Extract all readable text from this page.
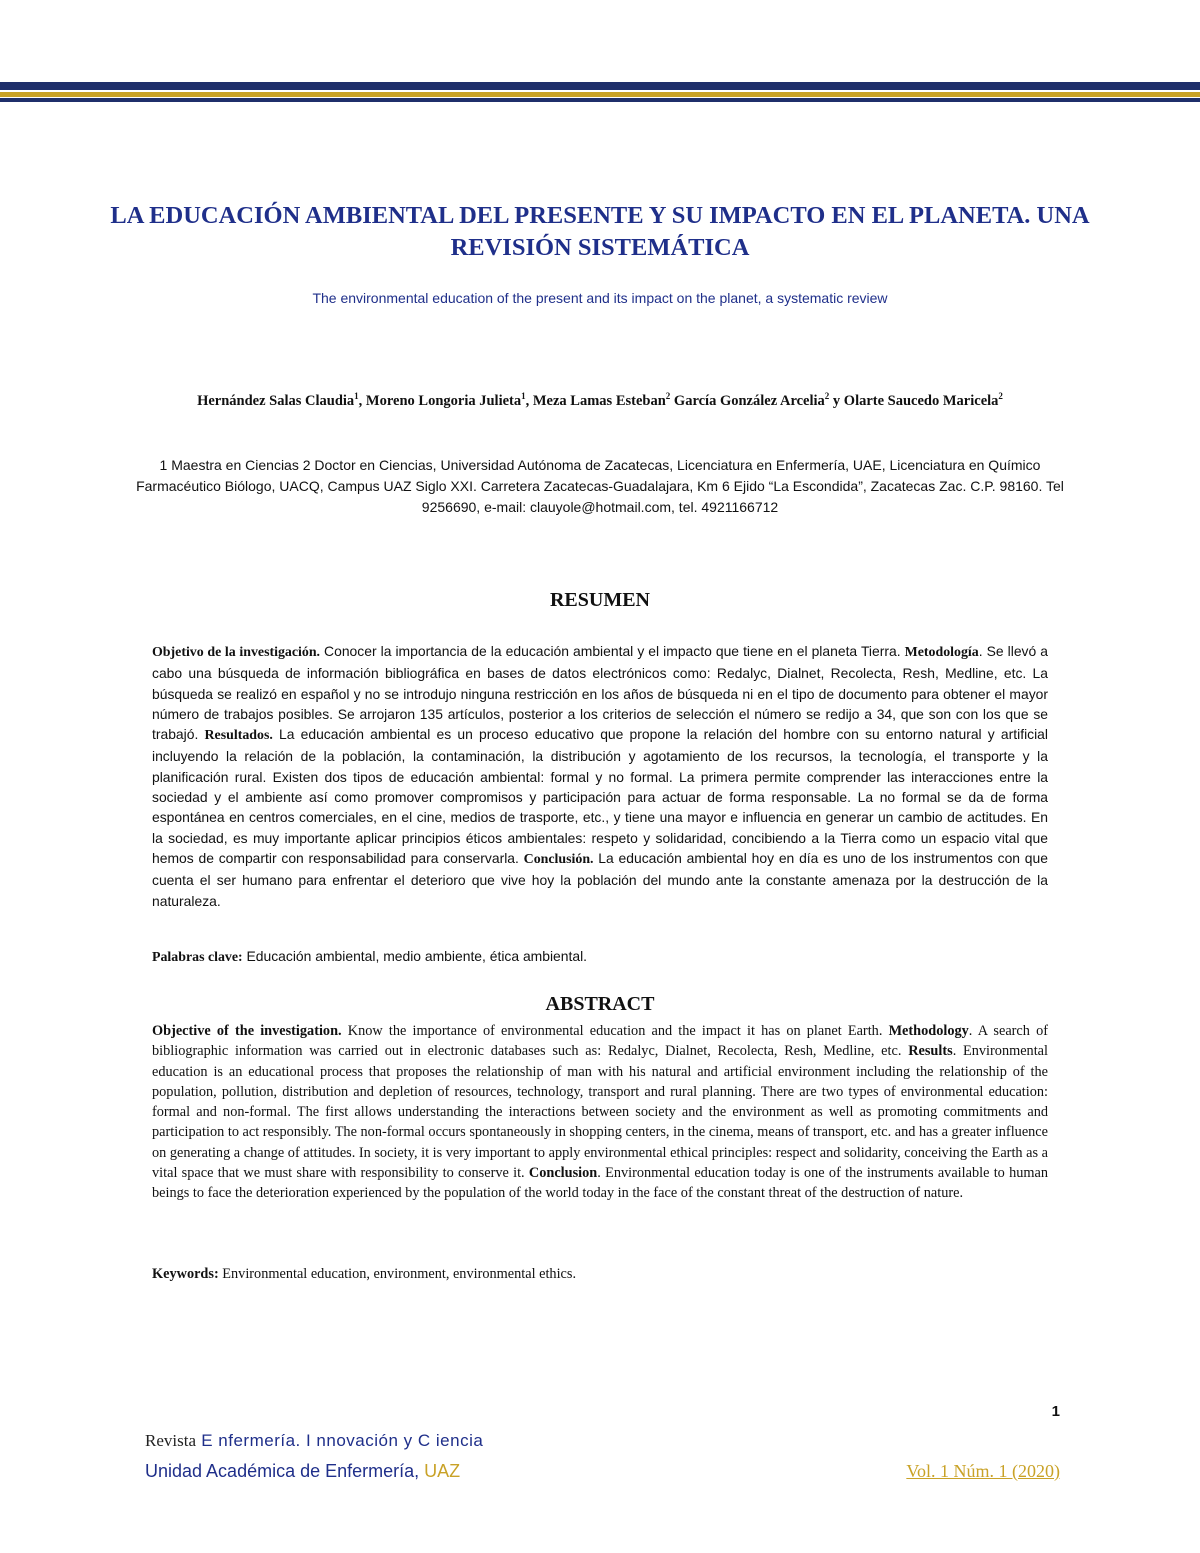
LA EDUCACIÓN AMBIENTAL DEL PRESENTE Y SU IMPACTO EN EL PLANETA. UNA REVISIÓN SISTEMÁTICA

The environmental education of the present and its impact on the planet, a systematic review

Hernández Salas Claudia$^1$, Moreno Longoria Julieta$^1$, Meza Lamas Esteban$^2$ García González Arcelia$^2$ y Olarte Saucedo Maricela$^2$

1 Maestra en Ciencias 2 Doctor en Ciencias, Universidad Autónoma de Zacatecas, Licenciatura en Enfermería, UAE, Licenciatura en Químico Farmacéutico Biólogo, UACQ, Campus UAZ Siglo XXI. Carretera Zacatecas-Guadalajara, Km 6 Ejido “La Escondida”, Zacatecas Zac. C.P. 98160. Tel 9256690, e-mail: clauyole@hotmail.com, tel. 4921166712

RESUMEN

Objetivo de la investigación. Conocer la importancia de la educación ambiental y el impacto que tiene en el planeta Tierra. Metodología. Se llevó a cabo una búsqueda de información bibliográfica en bases de datos electrónicos como: Redalyc, Dialnet, Recolecta, Resh, Medline, etc. La búsqueda se realizó en español y no se introdujo ninguna restricción en los años de búsqueda ni en el tipo de documento para obtener el mayor número de trabajos posibles. Se arrojaron 135 artículos, posterior a los criterios de selección el número se redijo a 34, que son con los que se trabajó. Resultados. La educación ambiental es un proceso educativo que propone la relación del hombre con su entorno natural y artificial incluyendo la relación de la población, la contaminación, la distribución y agotamiento de los recursos, la tecnología, el transporte y la planificación rural. Existen dos tipos de educación ambiental: formal y no formal. La primera permite comprender las interacciones entre la sociedad y el ambiente así como promover compromisos y participación para actuar de forma responsable. La no formal se da de forma espontánea en centros comerciales, en el cine, medios de trasporte, etc., y tiene una mayor e influencia en generar un cambio de actitudes. En la sociedad, es muy importante aplicar principios éticos ambientales: respeto y solidaridad, concibiendo a la Tierra como un espacio vital que hemos de compartir con responsabilidad para conservarla. Conclusión. La educación ambiental hoy en día es uno de los instrumentos con que cuenta el ser humano para enfrentar el deterioro que vive hoy la población del mundo ante la constante amenaza por la destrucción de la naturaleza.

Palabras clave: Educación ambiental, medio ambiente, ética ambiental.

ABSTRACT

Objective of the investigation. Know the importance of environmental education and the impact it has on planet Earth. Methodology. A search of bibliographic information was carried out in electronic databases such as: Redalyc, Dialnet, Recolecta, Resh, Medline, etc. Results. Environmental education is an educational process that proposes the relationship of man with his natural and artificial environment including the relationship of the population, pollution, distribution and depletion of resources, technology, transport and rural planning. There are two types of environmental education: formal and non-formal. The first allows understanding the interactions between society and the environment as well as promoting commitments and participation to act responsibly. The non-formal occurs spontaneously in shopping centers, in the cinema, means of transport, etc. and has a greater influence on generating a change of attitudes. In society, it is very important to apply environmental ethical principles: respect and solidarity, conceiving the Earth as a vital space that we must share with responsibility to conserve it. Conclusion. Environmental education today is one of the instruments available to human beings to face the deterioration experienced by the population of the world today in the face of the constant threat of the destruction of nature.

Keywords: Environmental education, environment, environmental ethics.

1
Revista E nfermería. I nnovación y C iencia
Unidad Académica de Enfermería, UAZ	Vol. 1 Núm. 1 (2020)
